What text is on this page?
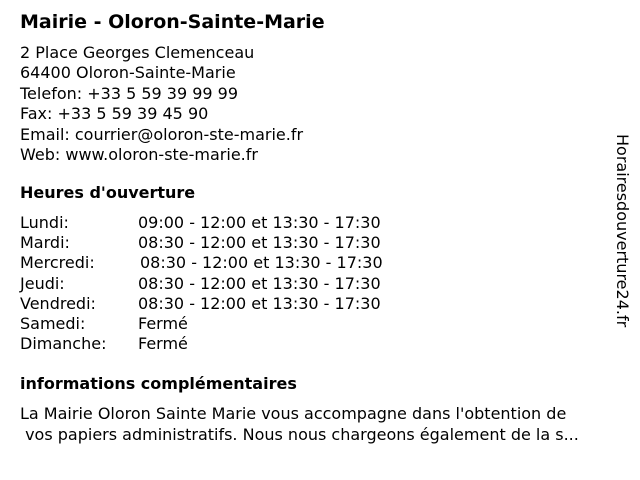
Mairie - Oloron-Sainte-Marie
2 Place Georges Clemenceau
64400 Oloron-Sainte-Marie
Telefon: +33 5 59 39 99 99
Fax: +33 5 59 39 45 90
Email: courrier@oloron-ste-marie.fr
Web: www.oloron-ste-marie.fr
Heures d'ouverture
Lundi:	09:00 - 12:00 et 13:30 - 17:30
Mardi:	08:30 - 12:00 et 13:30 - 17:30
Mercredi:	08:30 - 12:00 et 13:30 - 17:30
Jeudi:	08:30 - 12:00 et 13:30 - 17:30
Vendredi:	08:30 - 12:00 et 13:30 - 17:30
Samedi:	Fermé
Dimanche: Fermé
informations complémentaires
La Mairie Oloron Sainte Marie vous accompagne dans l'obtention de
vos papiers administratifs. Nous nous chargeons également de la s...
Horairesdouverture24.fr
